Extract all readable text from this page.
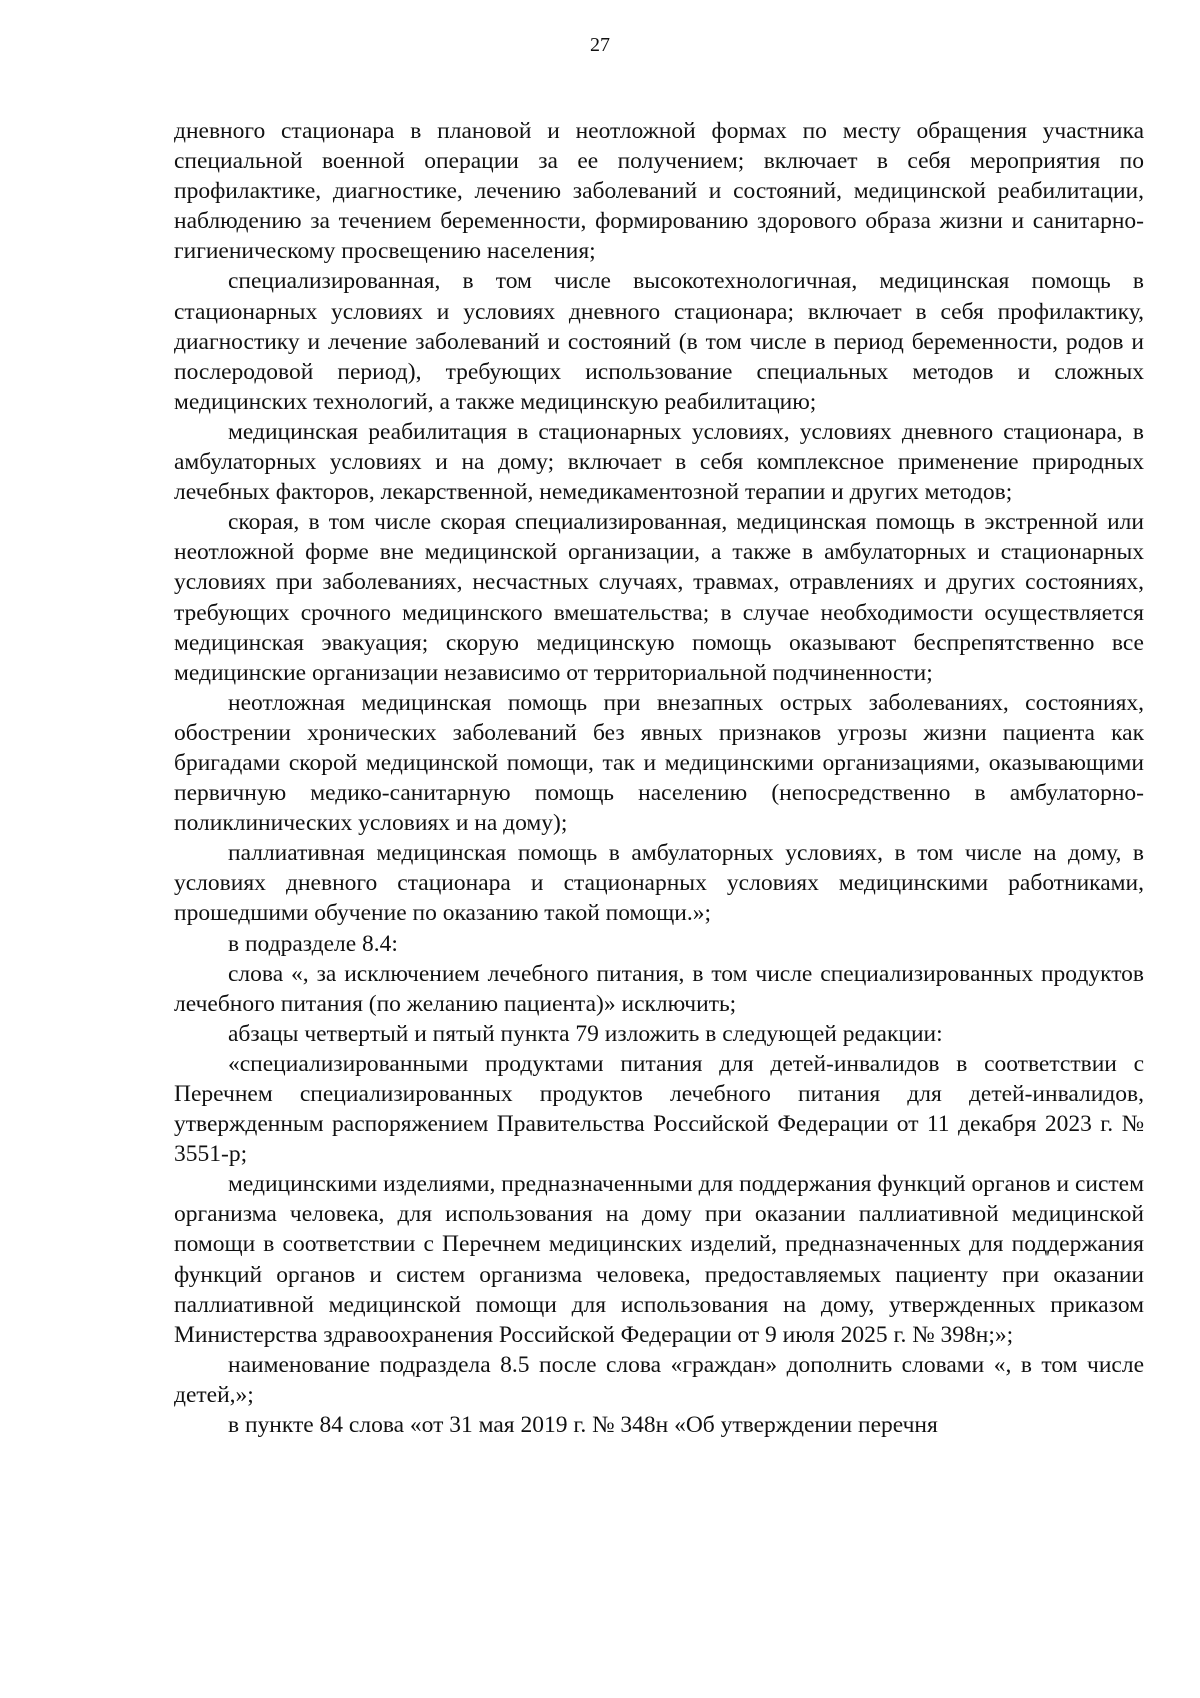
27

дневного стационара в плановой и неотложной формах по месту обращения участника специальной военной операции за ее получением; включает в себя мероприятия по профилактике, диагностике, лечению заболеваний и состояний, медицинской реабилитации, наблюдению за течением беременности, формированию здорового образа жизни и санитарно-гигиеническому просвещению населения;

специализированная, в том числе высокотехнологичная, медицинская помощь в стационарных условиях и условиях дневного стационара; включает в себя профилактику, диагностику и лечение заболеваний и состояний (в том числе в период беременности, родов и послеродовой период), требующих использование специальных методов и сложных медицинских технологий, а также медицинскую реабилитацию;

медицинская реабилитация в стационарных условиях, условиях дневного стационара, в амбулаторных условиях и на дому; включает в себя комплексное применение природных лечебных факторов, лекарственной, немедикаментозной терапии и других методов;

скорая, в том числе скорая специализированная, медицинская помощь в экстренной или неотложной форме вне медицинской организации, а также в амбулаторных и стационарных условиях при заболеваниях, несчастных случаях, травмах, отравлениях и других состояниях, требующих срочного медицинского вмешательства; в случае необходимости осуществляется медицинская эвакуация; скорую медицинскую помощь оказывают беспрепятственно все медицинские организации независимо от территориальной подчиненности;

неотложная медицинская помощь при внезапных острых заболеваниях, состояниях, обострении хронических заболеваний без явных признаков угрозы жизни пациента как бригадами скорой медицинской помощи, так и медицинскими организациями, оказывающими первичную медико-санитарную помощь населению (непосредственно в амбулаторно-поликлинических условиях и на дому);

паллиативная медицинская помощь в амбулаторных условиях, в том числе на дому, в условиях дневного стационара и стационарных условиях медицинскими работниками, прошедшими обучение по оказанию такой помощи.»;

в подразделе 8.4:

слова «, за исключением лечебного питания, в том числе специализированных продуктов лечебного питания (по желанию пациента)» исключить;

абзацы четвертый и пятый пункта 79 изложить в следующей редакции:

«специализированными продуктами питания для детей-инвалидов в соответствии с Перечнем специализированных продуктов лечебного питания для детей-инвалидов, утвержденным распоряжением Правительства Российской Федерации от 11 декабря 2023 г. № 3551-р;

медицинскими изделиями, предназначенными для поддержания функций органов и систем организма человека, для использования на дому при оказании паллиативной медицинской помощи в соответствии с Перечнем медицинских изделий, предназначенных для поддержания функций органов и систем организма человека, предоставляемых пациенту при оказании паллиативной медицинской помощи для использования на дому, утвержденных приказом Министерства здравоохранения Российской Федерации от 9 июля 2025 г. № 398н;»;

наименование подраздела 8.5 после слова «граждан» дополнить словами «, в том числе детей,»;

в пункте 84 слова «от 31 мая 2019 г. № 348н «Об утверждении перечня
